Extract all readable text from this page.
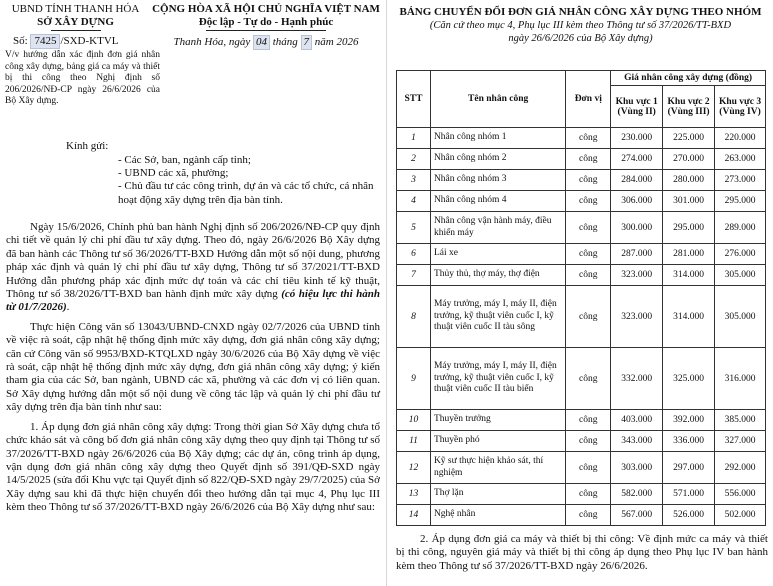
UBND TỈNH THANH HÓA
SỞ XÂY DỰNG
Số: 7425 /SXD-KTVL
CỘNG HÒA XÃ HỘI CHỦ NGHĨA VIỆT NAM
Độc lập - Tự do - Hạnh phúc
Thanh Hóa, ngày 04 tháng 7 năm 2026
V/v hướng dẫn xác định đơn giá nhân công xây dựng, bảng giá ca máy và thiết bị thi công theo Nghị định số 206/2026/NĐ-CP ngày 26/6/2026 của Bộ Xây dựng.
Kính gửi:
- Các Sở, ban, ngành cấp tỉnh;
- UBND các xã, phường;
- Chủ đầu tư các công trình, dự án và các tổ chức, cá nhân hoạt động xây dựng trên địa bàn tỉnh.

Ngày 15/6/2026, Chính phủ ban hành Nghị định số 206/2026/NĐ-CP quy định chi tiết về quản lý chi phí đầu tư xây dựng. Theo đó, ngày 26/6/2026 Bộ Xây dựng đã ban hành các Thông tư số 36/2026/TT-BXD Hướng dẫn một số nội dung, phương pháp xác định và quản lý chi phí đầu tư xây dựng, Thông tư số 37/2021/TT-BXD Hướng dẫn phương pháp xác định mức dự toán và các chỉ tiêu kinh tế kỹ thuật, Thông tư số 38/2026/TT-BXD ban hành định mức xây dựng (có hiệu lực thi hành từ 01/7/2026).

Thực hiện Công văn số 13043/UBND-CNXD ngày 02/7/2026 của UBND tỉnh về việc rà soát, cập nhật hệ thống định mức xây dựng, đơn giá nhân công xây dựng; căn cứ Công văn số 9953/BXD-KTQLXD ngày 30/6/2026 của Bộ Xây dựng về việc rà soát, cập nhật hệ thống định mức xây dựng, đơn giá nhân công xây dựng; ý kiến tham gia của các Sở, ban ngành, UBND các xã, phường và các đơn vị có liên quan. Sở Xây dựng hướng dẫn một số nội dung về công tác lập và quản lý chi phí đầu tư xây dựng trên địa bàn tỉnh như sau:

1. Áp dụng đơn giá nhân công xây dựng: Trong thời gian Sở Xây dựng chưa tổ chức khảo sát và công bố đơn giá nhân công xây dựng theo quy định tại Thông tư số 37/2026/TT-BXD ngày 26/6/2026 của Bộ Xây dựng; các dự án, công trình áp dụng, vận dụng đơn giá nhân công xây dựng theo Quyết định số 391/QĐ-SXD ngày 14/5/2025 (sửa đổi Khu vực tại Quyết định số 822/QĐ-SXD ngày 29/7/2025) của Sở Xây dựng sau khi đã thực hiện chuyển đổi theo hướng dẫn tại mục 4, Phụ lục III kèm theo Thông tư số 37/2026/TT-BXD ngày 26/6/2026 của Bộ Xây dựng như sau:

BẢNG CHUYỂN ĐỔI ĐƠN GIÁ NHÂN CÔNG XÂY DỰNG THEO NHÓM
(Căn cứ theo mục 4, Phụ lục III kèm theo Thông tư số 37/2026/TT-BXD
ngày 26/6/2026 của Bộ Xây dựng)
STT	Tên nhân công	Đơn vị	Giá nhân công xây dựng (đồng)		
			Khu vực 1 (Vùng II)	Khu vực 2 (Vùng III)	Khu vực 3 (Vùng IV)
1	Nhân công nhóm 1	công	230.000	225.000	220.000
2	Nhân công nhóm 2	công	274.000	270.000	263.000
3	Nhân công nhóm 3	công	284.000	280.000	273.000
4	Nhân công nhóm 4	công	306.000	301.000	295.000
5	Nhân công vận hành máy, điều khiển máy	công	300.000	295.000	289.000
6	Lái xe	công	287.000	281.000	276.000
7	Thủy thủ, thợ máy, thợ điện	công	323.000	314.000	305.000
8	Máy trưởng, máy I, máy II, điện trưởng, kỹ thuật viên cuốc I, kỹ thuật viên cuốc II tàu sông	công	323.000	314.000	305.000
9	Máy trưởng, máy I, máy II, điện trưởng, kỹ thuật viên cuốc I, kỹ thuật viên cuốc II tàu biển	công	332.000	325.000	316.000
10	Thuyền trưởng	công	403.000	392.000	385.000
11	Thuyền phó	công	343.000	336.000	327.000
12	Kỹ sư thực hiện khảo sát, thí nghiệm	công	303.000	297.000	292.000
13	Thợ lặn	công	582.000	571.000	556.000
14	Nghệ nhân	công	567.000	526.000	502.000
2. Áp dụng đơn giá ca máy và thiết bị thi công: Về định mức ca máy và thiết bị thi công, nguyên giá máy và thiết bị thi công áp dụng theo Phụ lục IV ban hành kèm theo Thông tư số 37/2026/TT-BXD ngày 26/6/2026.
